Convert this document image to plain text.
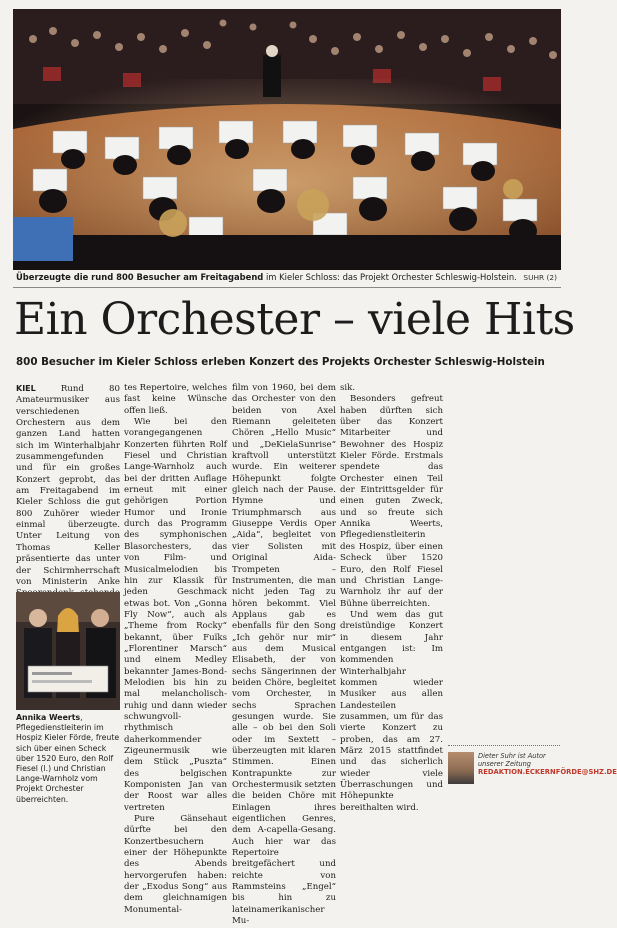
Überzeugte die rund 800 Besucher am Freitagabend im Kieler Schloss: das Projekt Orchester Schleswig-Holstein. SUHR (2)
Ein Orchester – viele Hits
800 Besucher im Kieler Schloss erleben Konzert des Projekts Orchester Schleswig-Holstein

KIEL	Rund 80 Amateurmusiker aus verschiedenen Orchestern aus dem ganzen Land hatten sich im Winterhalbjahr zusammengefunden und für ein großes Konzert geprobt, das am Freitagabend im Kieler Schloss die gut 800 Zuhörer wieder einmal überzeugte. Unter Leitung von Thomas Keller präsentierte das unter der Schirmherrschaft von Ministerin Anke

Annika Weerts, Pflegedienstleiterin im Hospiz Kieler Förde, freute sich über einen Scheck über 1520 Euro, den Rolf Fiesel (l.) und Christian Lange-Warnholz vom Projekt Orchester überreichten.

tes Repertoire, welches fast keine Wünsche offen ließ.

Wie bei den vorangegangenen Konzerten führten Rolf Fiesel und Christian Lange-Warnholz auch bei der dritten Auflage erneut mit einer gehörigen Portion Humor und Ironie durch das Programm des symphonischen Blasorchesters, das von Film- und Musicalmelodien bis hin zur Klassik für jeden Geschmack etwas bot. Von „Gonna Fly Now“, auch als „Theme from Rocky“ bekannt, über Fuïks „Florentiner Marsch“ und einem Medley bekannter James-Bond-Melodien bis hin zu mal melancholisch-ruhig und dann wieder schwungvoll-rhythmisch daherkommender Zigeunermusik wie dem Stück „Puszta“ des belgischen Komponisten Jan van der Roost war alles vertreten

Pure Gänsehaut dürfte bei den Konzertbesuchern einer der Höhepunkte des Abends hervorgerufen haben: der „Exodus Song“ aus dem gleichnamigen Monumental-

film von 1960, bei dem das Orchester von den beiden von Axel Riemann geleiteten Chören „Hello Music“ und „DeKielaSunrise“ kraftvoll unterstützt wurde. Ein weiterer Höhepunkt folgte gleich nach der Pause. Hymne und Triumphmarsch aus Giuseppe Verdis Oper „Aida“, begleitet von vier Solisten mit Original Aida-Trompeten – Instrumenten, die man nicht jeden Tag zu hören bekommt. Viel Applaus gab es ebenfalls für den Song „Ich gehör nur mir“ aus dem Musical Elisabeth, der von sechs Sängerinnen der beiden Chöre, begleitet vom Orchester, in sechs Sprachen gesungen wurde. Sie alle – ob bei den Soli oder im Sextett – überzeugten mit klaren Stimmen. Einen Kontrapunkte zur Orchestermusik setzten die beiden Chöre mit Einlagen ihres eigentlichen Genres, dem A-capella-Gesang. Auch hier war das Repertoire breitgefächert und reichte von Rammsteins „Engel“ bis hin zu lateinamerikanischer Mu-

sik.

Besonders gefreut haben dürften sich über das Konzert Mitarbeiter und Bewohner des Hospiz Kieler Förde. Erstmals spendete das Orchester einen Teil der Eintrittsgelder für einen guten Zweck, und so freute sich Annika Weerts, Pflegedienstleiterin des Hospiz, über einen Scheck über 1520 Euro, den Rolf Fiesel und Christian Lange-Warnholz ihr auf der Bühne überreichten.

Und wem das gut dreistündige Konzert in diesem Jahr entgangen ist: Im kommenden Winterhalbjahr kommen wieder Musiker aus allen Landesteilen zusammen, um für das vierte Konzert zu proben, das am 27. März 2015 stattfindet und das sicherlich wieder viele Überraschungen und Höhepunkte bereithalten wird.

Dieter Suhr ist Autor unserer Zeitung
REDAKTION.ECKERNFÖRDE@SHZ.DE
